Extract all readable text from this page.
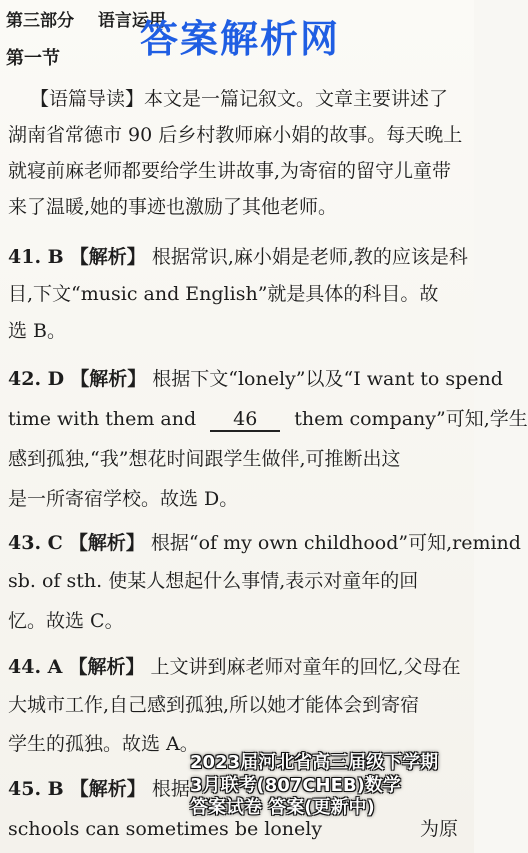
第三部分 语言运用
答案解析网
第一节
【语篇导读】本文是一篇记叙文。文章主要讲述了
湖南省常德市 90 后乡村教师麻小娟的故事。每天晚上
就寝前麻老师都要给学生讲故事,为寄宿的留守儿童带
来了温暖,她的事迹也激励了其他老师。
41. B 【解析】 根据常识,麻小娟是老师,教的应该是科
目,下文“music and English”就是具体的科目。故
选 B。
42. D 【解析】 根据下文“lonely”以及“I want to spend
time with them and 46 them company”可知,学生
感到孤独,“我”想花时间跟学生做伴,可推断出这
是一所寄宿学校。故选 D。
43. C 【解析】 根据“of my own childhood”可知,remind
sb. of sth. 使某人想起什么事情,表示对童年的回
忆。故选 C。
44. A 【解析】 上文讲到麻老师对童年的回忆,父母在
大城市工作,自己感到孤独,所以她才能体会到寄宿
学生的孤独。故选 A。
45. B 【解析】 根据
schools can sometimes be lonely	为原
2023届河北省高三届级下学期
3月联考(807CHEB)数学
答案试卷 答案(更新中)
